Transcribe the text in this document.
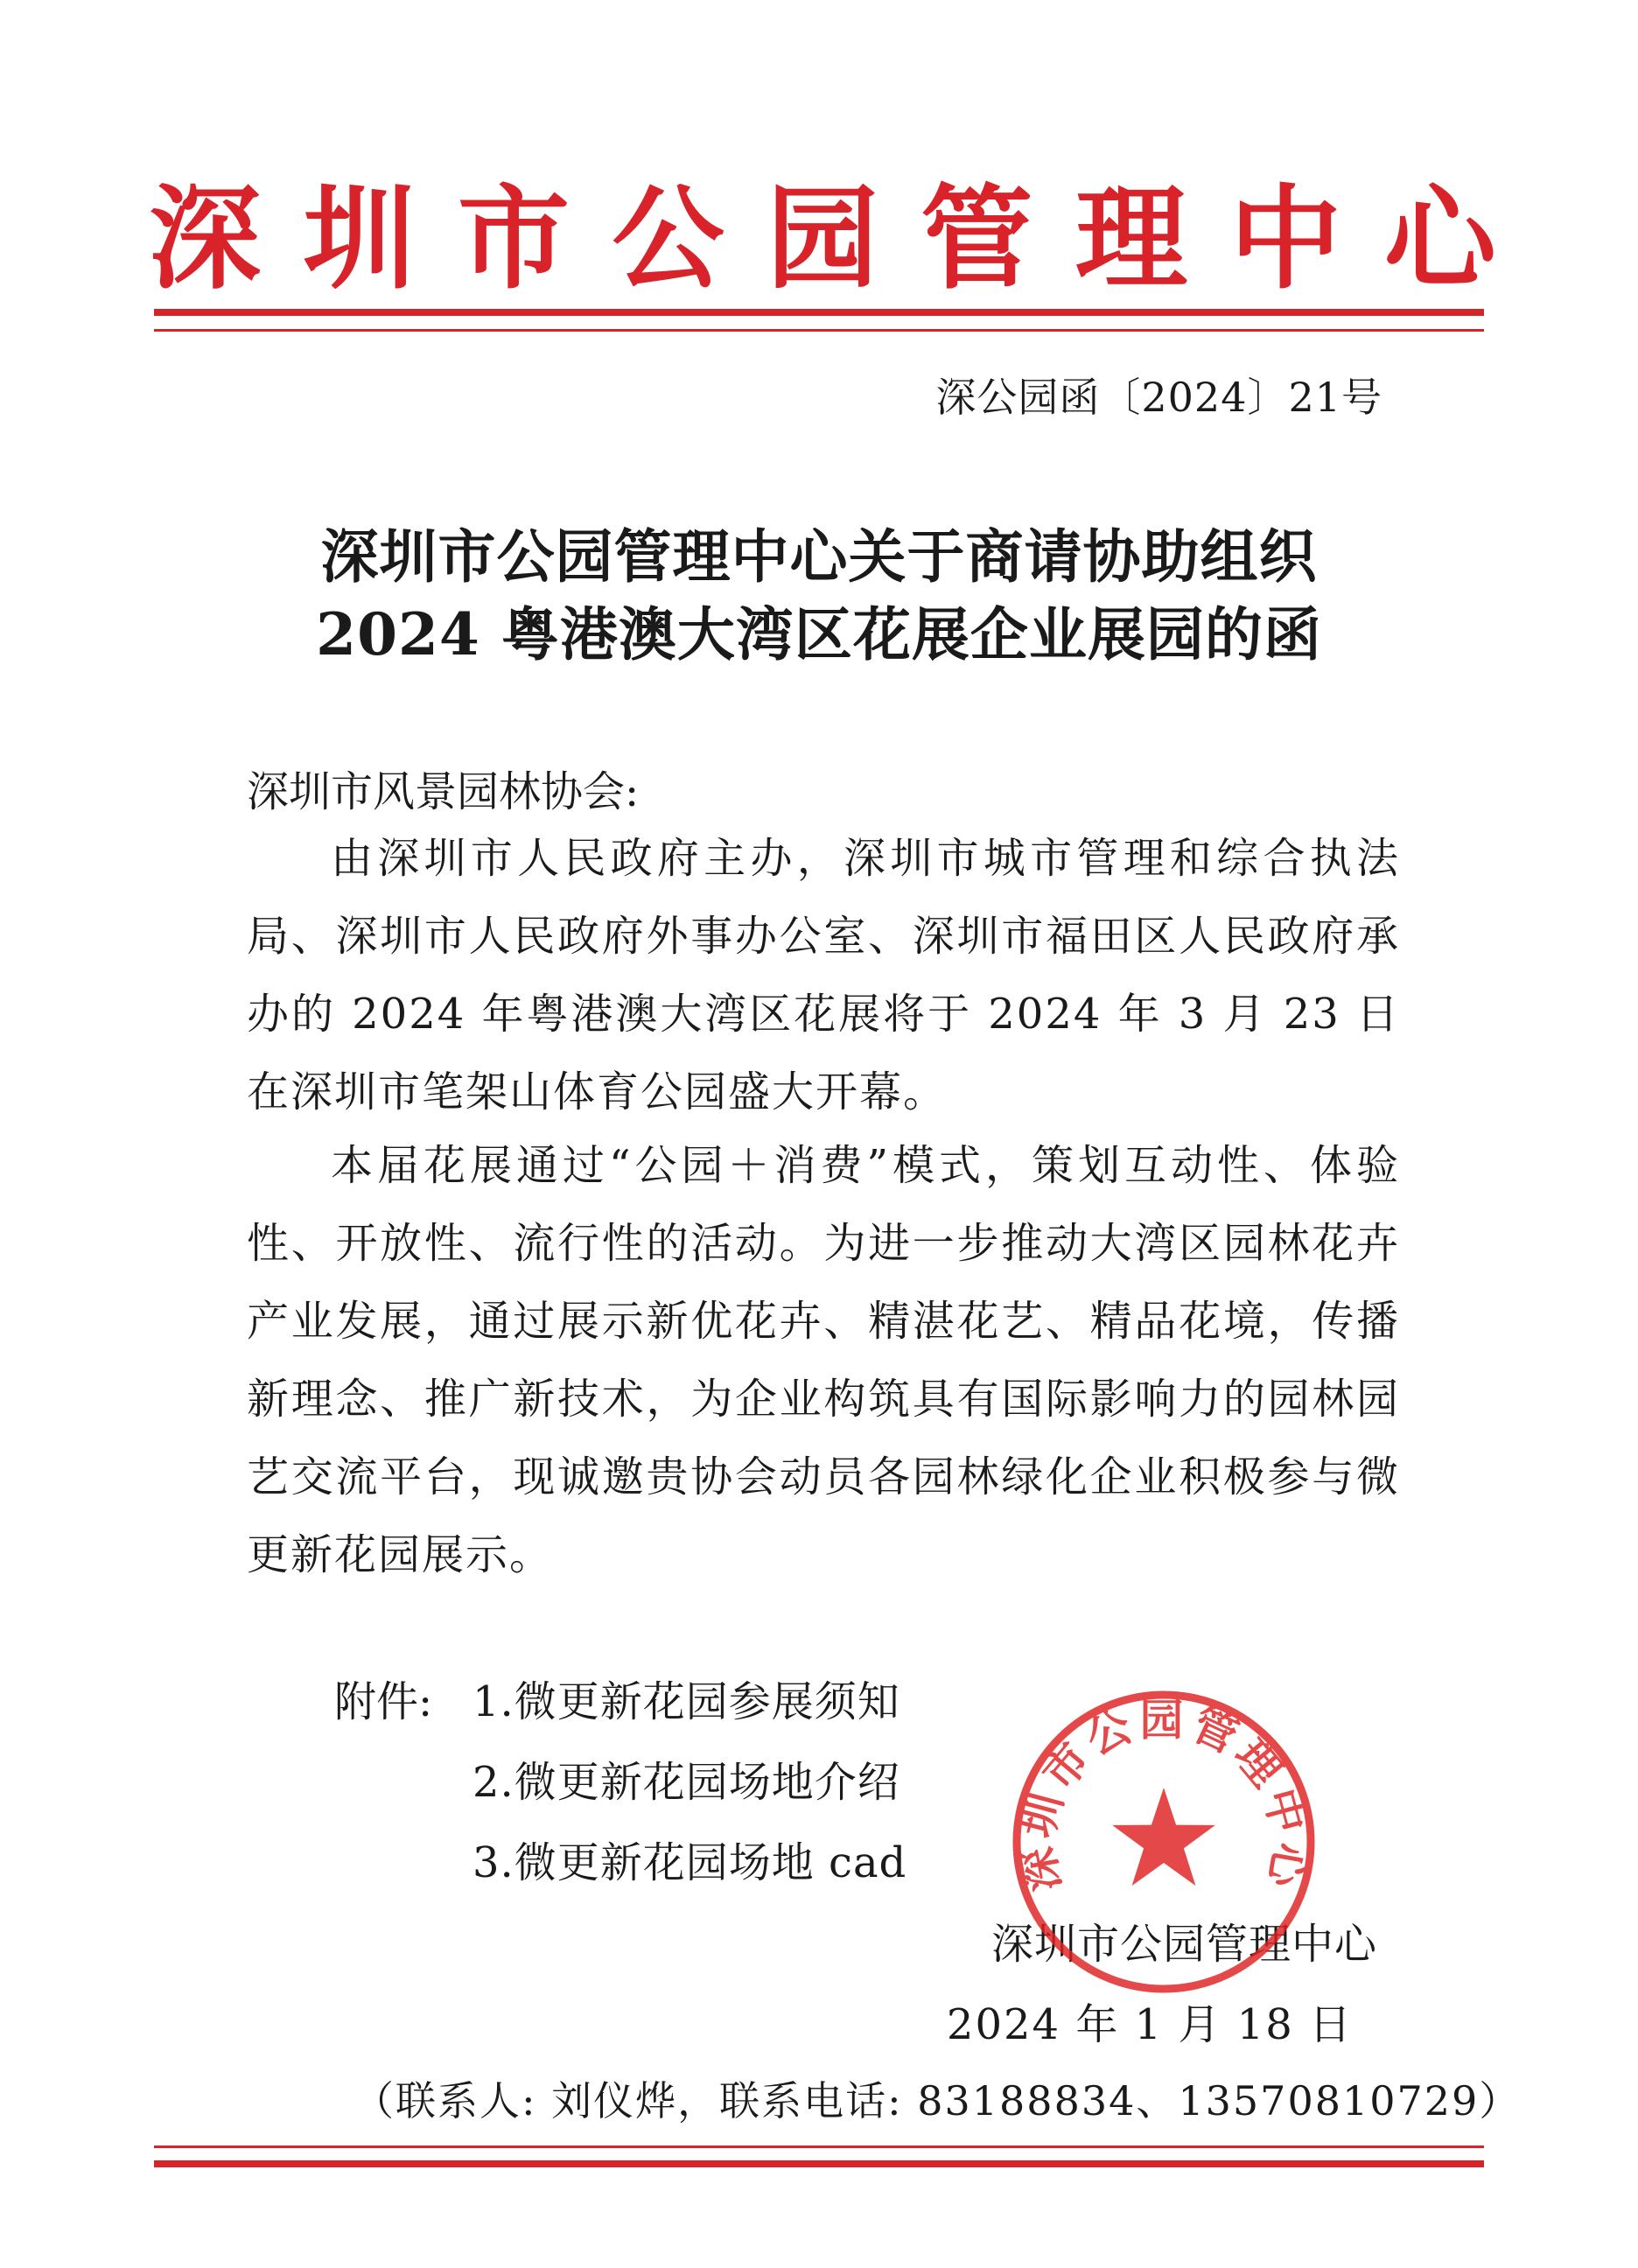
深 圳 市 公 园 管 理 中 心
深公园函〔2024〕21号
深圳市公园管理中心关于商请协助组织
2024 粤港澳大湾区花展企业展园的函
深圳市风景园林协会:
由深圳市人民政府主办，深圳市城市管理和综合执法局、深圳市人民政府外事办公室、深圳市福田区人民政府承办的 2024 年粤港澳大湾区花展将于 2024 年 3 月 23 日在深圳市笔架山体育公园盛大开幕。
本届花展通过“公园＋消费”模式，策划互动性、体验性、开放性、流行性的活动。为进一步推动大湾区园林花卉产业发展，通过展示新优花卉、精湛花艺、精品花境，传播新理念、推广新技术，为企业构筑具有国际影响力的园林园艺交流平台，现诚邀贵协会动员各园林绿化企业积极参与微更新花园展示。
附件: 1.微更新花园参展须知
2.微更新花园场地介绍
3.微更新花园场地 cad
深圳市公园管理中心
2024 年 1 月 18 日
深圳市公园管理中心
（联系人: 刘仪烨，联系电话: 83188834、13570810729）
